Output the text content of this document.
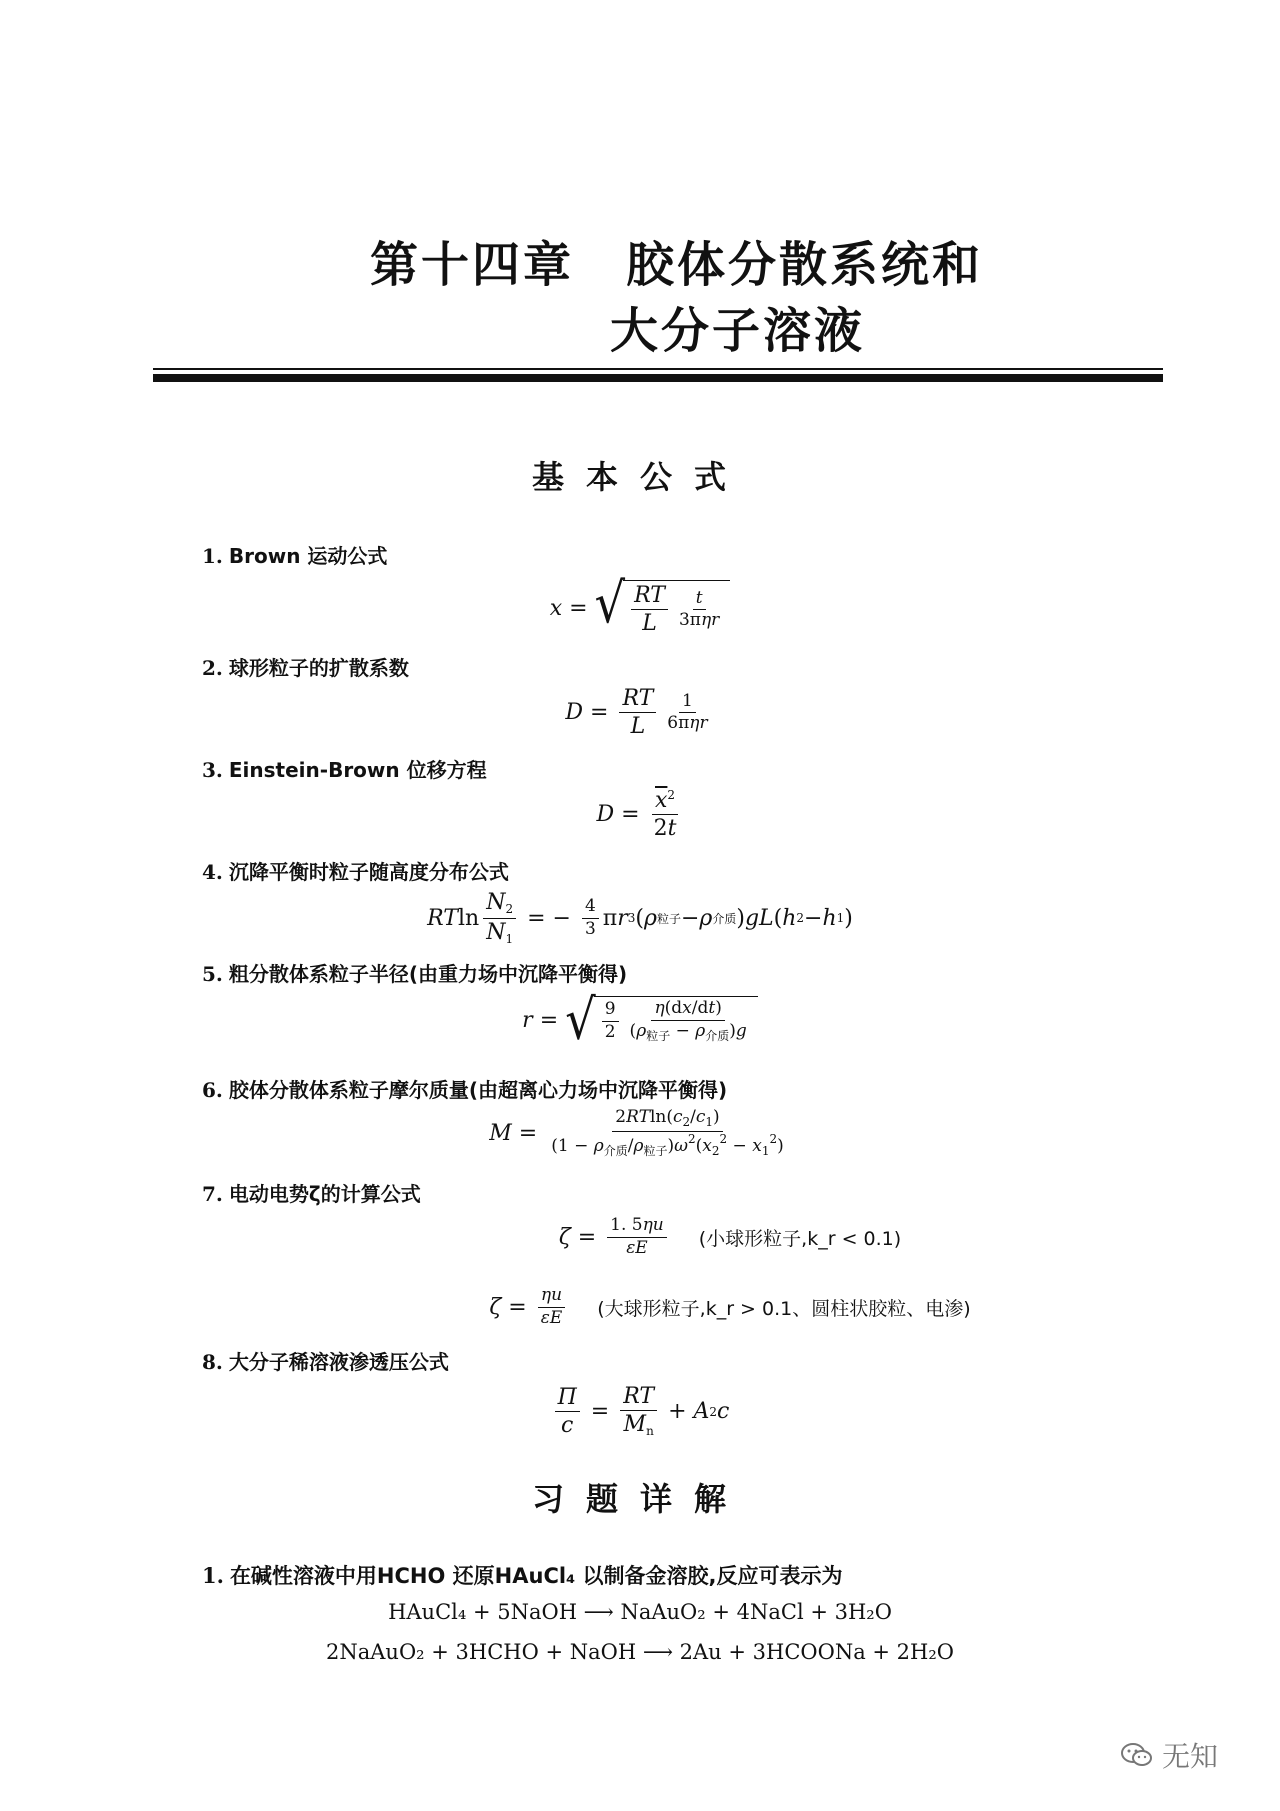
第十四章 胶体分散系统和
大分子溶液
基本公式
1. Brown 运动公式
x = √ $\frac{RT}{L} \frac{t}{\text{3πηr}}$
2. 球形粒子的扩散系数
$D = \frac{RT}{L} \frac{1}{\text{6πηr}}$
3. Einstein-Brown 位移方程
$D = \frac{\overline{x}^2}{2t}$
4. 沉降平衡时粒子随高度分布公式
RT $\ln \frac{N_2}{N_1}$ = − $\frac{4}{3}$ π r 3 ( ρ 粒子 − ρ 介质 ) gL ( h 2 − h 1 )
5. 粗分散体系粒子半径(由重力场中沉降平衡得)
r = √ $\frac{9}{2} \frac{\eta(dx/dt)}{(\rho_{粒子} - \rho_{介质})g}$
6. 胶体分散体系粒子摩尔质量(由超离心力场中沉降平衡得)
$M = \frac{2RTln(c_2/c_1)}{(1 - \rho_{介质}/\rho_{粒子})\omega^2(x_2^2 - x_1^2)}$
7. 电动电势ζ的计算公式
$\zeta = \frac{1. 5\eta u}{\varepsilon E}$ (小球形粒子,k_r < 0.1)
$\zeta = \frac{\eta u}{\varepsilon E}$ (大球形粒子,k_r > 0.1、圆柱状胶粒、电渗)
8. 大分子稀溶液渗透压公式
$\frac{\Pi}{c} = \frac{RT}{M_n} + A$ 2 c
习题详解
1. 在碱性溶液中用HCHO 还原HAuCl₄ 以制备金溶胶,反应可表示为
HAuCl₄ + 5NaOH ⟶ NaAuO₂ + 4NaCl + 3H₂O
2NaAuO₂ + 3HCHO + NaOH ⟶ 2Au + 3HCOONa + 2H₂O
无知
